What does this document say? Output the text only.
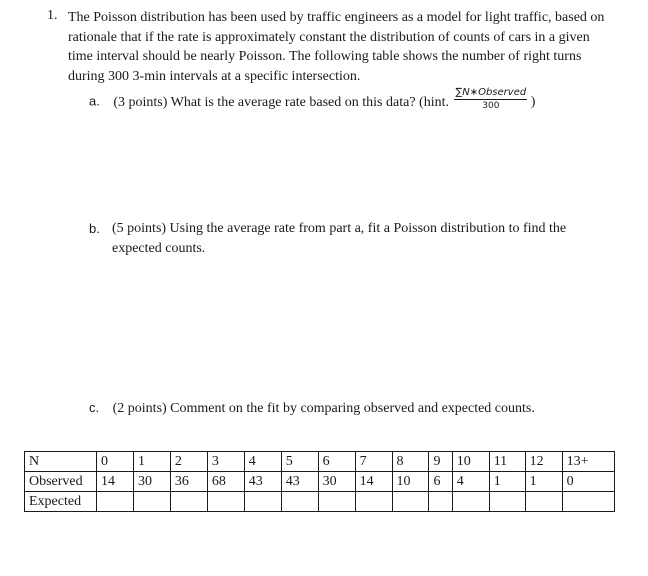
1. The Poisson distribution has been used by traffic engineers as a model for light traffic, based on rationale that if the rate is approximately constant the distribution of counts of cars in a given time interval should be nearly Poisson. The following table shows the number of right turns during 300 3-min intervals at a specific intersection.
a. (3 points) What is the average rate based on this data? (hint. $\frac{\text{∑N∗Observed}}{300}$ )
b. (5 points) Using the average rate from part a, fit a Poisson distribution to find the expected counts.
c. (2 points) Comment on the fit by comparing observed and expected counts.
N	0	1	2	3	4	5	6	7	8	9	10	11	12	13+
Observed	14	30	36	68	43	43	30	14	10	6	4	1	1	0
Expected														
